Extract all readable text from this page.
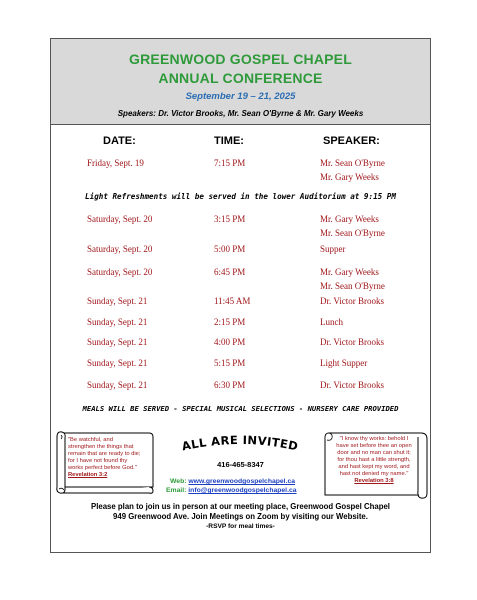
GREENWOOD GOSPEL CHAPEL
ANNUAL CONFERENCE
September 19 – 21, 2025
Speakers: Dr. Victor Brooks, Mr. Sean O'Byrne & Mr. Gary Weeks
DATE:	TIME:	SPEAKER:
Friday, Sept. 19	7:15 PM	Mr. Sean O'Byrne
Mr. Gary Weeks
Light Refreshments will be served in the lower Auditorium at 9:15 PM
Saturday, Sept. 20	3:15 PM	Mr. Gary Weeks
Mr. Sean O'Byrne
Saturday, Sept. 20	5:00 PM	Supper
Saturday, Sept. 20	6:45 PM	Mr. Gary Weeks
Mr. Sean O'Byrne
Sunday, Sept. 21	11:45 AM	Dr. Victor Brooks
Sunday, Sept. 21	2:15 PM	Lunch
Sunday, Sept. 21	4:00 PM	Dr. Victor Brooks
Sunday, Sept. 21	5:15 PM	Light Supper
Sunday, Sept. 21	6:30 PM	Dr. Victor Brooks
MEALS WILL BE SERVED - SPECIAL MUSICAL SELECTIONS - NURSERY CARE PROVIDED
"Be watchful, and
strengthen the things that
remain that are ready to die;
for I have not found thy
works perfect before God."
Revelation 3:2
"I know thy works: behold I
have set before thee an open
door and no man can shut it;
for thou hast a little strength,
and hast kept my word, and
hast not denied my name."
Revelation 3:8
ALL ARE INVITED
416-465-8347
Web: www.greenwoodgospelchapel.ca
Email: info@greenwoodgospelchapel.ca
Please plan to join us in person at our meeting place, Greenwood Gospel Chapel
949 Greenwood Ave. Join Meetings on Zoom by visiting our Website.
-RSVP for meal times-
